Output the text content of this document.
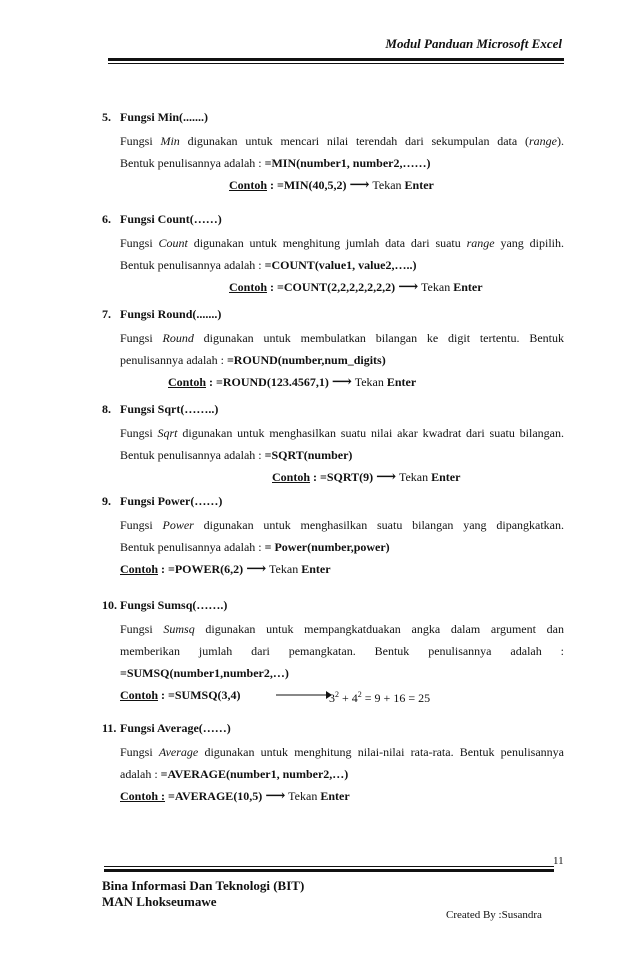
Modul Panduan Microsoft Excel
5. Fungsi Min(.......)
Fungsi Min digunakan untuk mencari nilai terendah dari sekumpulan data (range).
Bentuk penulisannya adalah : =MIN(number1, number2,……)
Contoh : =MIN(40,5,2) ⟶ Tekan Enter
6. Fungsi Count(……)
Fungsi Count digunakan untuk menghitung jumlah data dari suatu range yang dipilih.
Bentuk penulisannya adalah : =COUNT(value1, value2,…..)
Contoh : =COUNT(2,2,2,2,2,2,2) ⟶ Tekan Enter
7. Fungsi Round(.......)
Fungsi Round digunakan untuk membulatkan bilangan ke digit tertentu. Bentuk
penulisannya adalah : =ROUND(number,num_digits)
Contoh : =ROUND(123.4567,1) ⟶ Tekan Enter
8. Fungsi Sqrt(……..)
Fungsi Sqrt digunakan untuk menghasilkan suatu nilai akar kwadrat dari suatu bilangan.
Bentuk penulisannya adalah : =SQRT(number)
Contoh : =SQRT(9) ⟶ Tekan Enter
9. Fungsi Power(……)
Fungsi Power digunakan untuk menghasilkan suatu bilangan yang dipangkatkan.
Bentuk penulisannya adalah : = Power(number,power)
Contoh : =POWER(6,2) ⟶ Tekan Enter
10. Fungsi Sumsq(…….)
Fungsi Sumsq digunakan untuk mempangkatduakan angka dalam argument dan
memberikan jumlah dari pemangkatan. Bentuk penulisannya adalah :
=SUMSQ(number1,number2,…)
Contoh : =SUMSQ(3,4)	$3^2 + 4^2 = 9 + 16 = 25$
11. Fungsi Average(……)
Fungsi Average digunakan untuk menghitung nilai-nilai rata-rata. Bentuk penulisannya
adalah : =AVERAGE(number1, number2,…)
Contoh : =AVERAGE(10,5) ⟶ Tekan Enter
11
Bina Informasi Dan Teknologi (BIT)
MAN Lhokseumawe
Created By :Susandra
